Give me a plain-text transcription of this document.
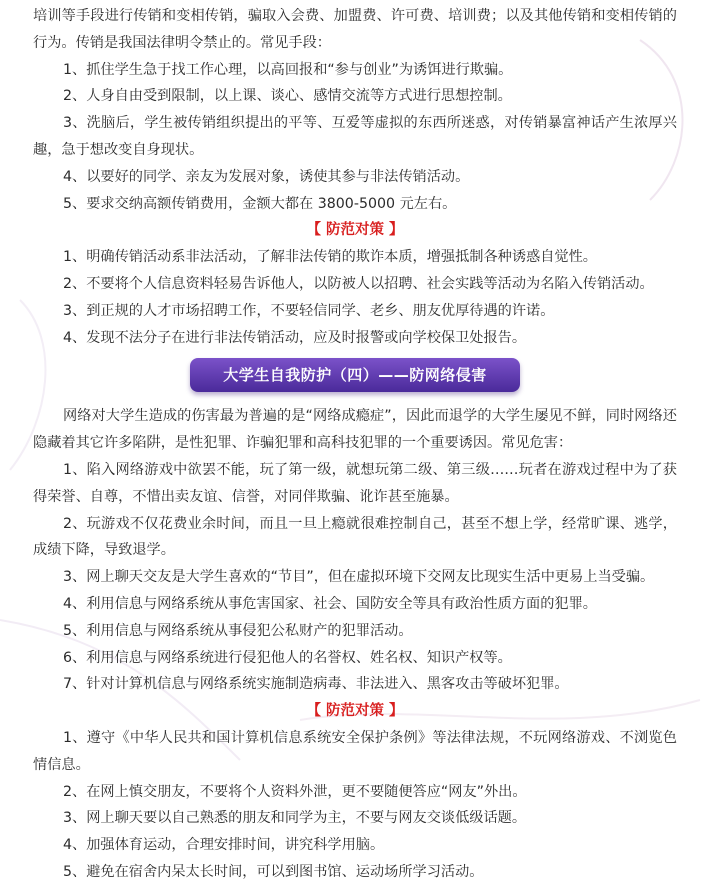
培训等手段进行传销和变相传销，骗取入会费、加盟费、许可费、培训费；以及其他传销和变相传销的行为。传销是我国法律明令禁止的。常见手段：

1、抓住学生急于找工作心理，以高回报和“参与创业”为诱饵进行欺骗。

2、人身自由受到限制，以上课、谈心、感情交流等方式进行思想控制。

3、洗脑后，学生被传销组织提出的平等、互爱等虚拟的东西所迷惑，对传销暴富神话产生浓厚兴趣，急于想改变自身现状。

4、以要好的同学、亲友为发展对象，诱使其参与非法传销活动。

5、要求交纳高额传销费用，金额大都在 3800-5000 元左右。

【 防范对策 】

1、明确传销活动系非法活动，了解非法传销的欺诈本质，增强抵制各种诱惑自觉性。

2、不要将个人信息资料轻易告诉他人，以防被人以招聘、社会实践等活动为名陷入传销活动。

3、到正规的人才市场招聘工作，不要轻信同学、老乡、朋友优厚待遇的许诺。

4、发现不法分子在进行非法传销活动，应及时报警或向学校保卫处报告。

大学生自我防护（四）——防网络侵害

网络对大学生造成的伤害最为普遍的是“网络成瘾症”，因此而退学的大学生屡见不鲜，同时网络还隐藏着其它许多陷阱，是性犯罪、诈骗犯罪和高科技犯罪的一个重要诱因。常见危害：

1、陷入网络游戏中欲罢不能，玩了第一级，就想玩第二级、第三级……玩者在游戏过程中为了获得荣誉、自尊，不惜出卖友谊、信誉，对同伴欺骗、讹诈甚至施暴。

2、玩游戏不仅花费业余时间，而且一旦上瘾就很难控制自己，甚至不想上学，经常旷课、逃学，成绩下降，导致退学。

3、网上聊天交友是大学生喜欢的“节目”，但在虚拟环境下交网友比现实生活中更易上当受骗。

4、利用信息与网络系统从事危害国家、社会、国防安全等具有政治性质方面的犯罪。

5、利用信息与网络系统从事侵犯公私财产的犯罪活动。

6、利用信息与网络系统进行侵犯他人的名誉权、姓名权、知识产权等。

7、针对计算机信息与网络系统实施制造病毒、非法进入、黑客攻击等破坏犯罪。

【 防范对策 】

1、遵守《中华人民共和国计算机信息系统安全保护条例》等法律法规，不玩网络游戏、不浏览色情信息。

2、在网上慎交朋友，不要将个人资料外泄，更不要随便答应“网友”外出。

3、网上聊天要以自己熟悉的朋友和同学为主，不要与网友交谈低级话题。

4、加强体育运动，合理安排时间，讲究科学用脑。

5、避免在宿舍内呆太长时间，可以到图书馆、运动场所学习活动。
